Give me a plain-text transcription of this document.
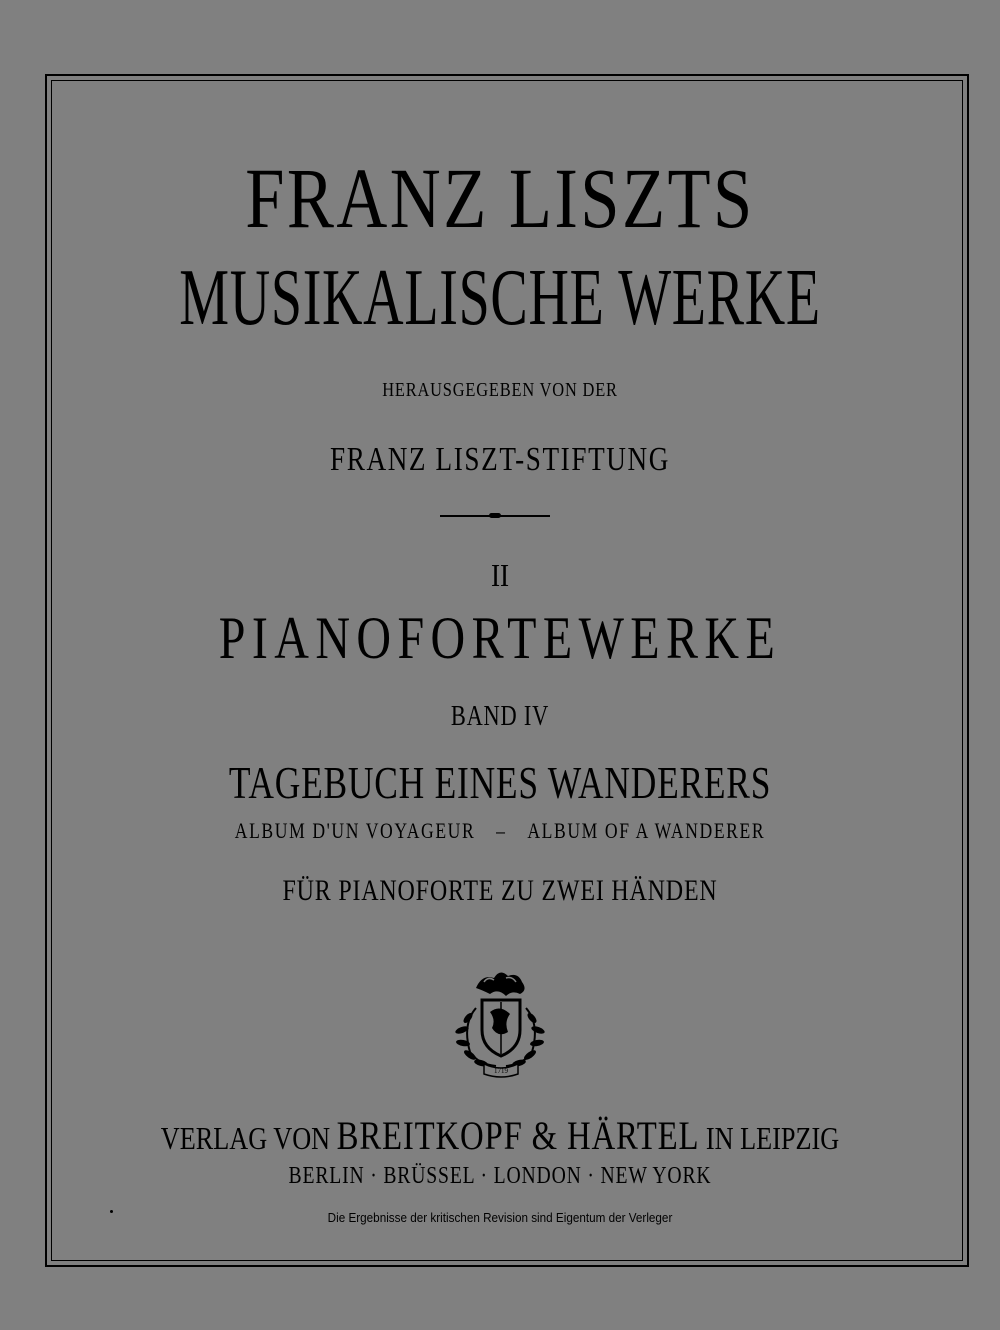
FRANZ LISZTS
MUSIKALISCHE WERKE
HERAUSGEGEBEN VON DER
FRANZ LISZT-STIFTUNG
II
PIANOFORTEWERKE
BAND IV
TAGEBUCH EINES WANDERERS
ALBUM D'UN VOYAGEUR – ALBUM OF A WANDERER
FÜR PIANOFORTE ZU ZWEI HÄNDEN
1719
VERLAG VON BREITKOPF & HÄRTEL IN LEIPZIG
BERLIN · BRÜSSEL · LONDON · NEW YORK
Die Ergebnisse der kritischen Revision sind Eigentum der Verleger
